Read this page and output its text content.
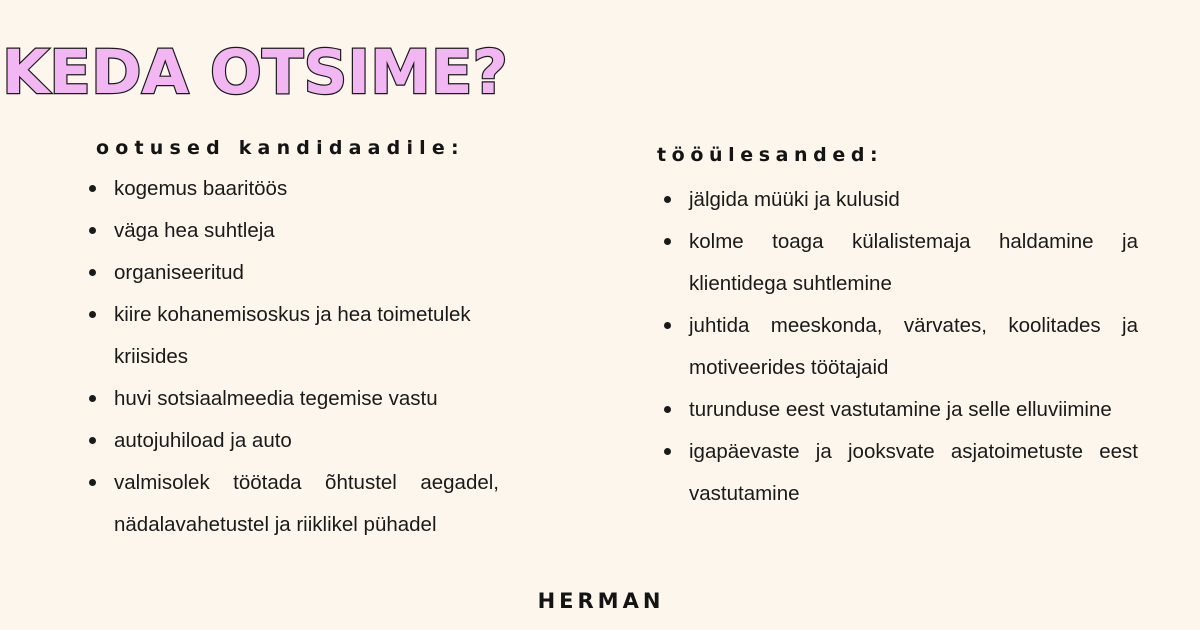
KEDA OTSIME?
ootused kandidaadile:
kogemus baaritöös
väga hea suhtleja
organiseeritud
kiire kohanemisoskus ja hea toimetulek kriisides
huvi sotsiaalmeedia tegemise vastu
autojuhiload ja auto
valmisolek töötada õhtustel aegadel, nädalavahetustel ja riiklikel pühadel
tööülesanded:
jälgida müüki ja kulusid
kolme toaga külalistemaja haldamine ja klientidega suhtlemine
juhtida meeskonda, värvates, koolitades ja motiveerides töötajaid
turunduse eest vastutamine ja selle elluviimine
igapäevaste ja jooksvate asjatoimetuste eest vastutamine
HERMAN
